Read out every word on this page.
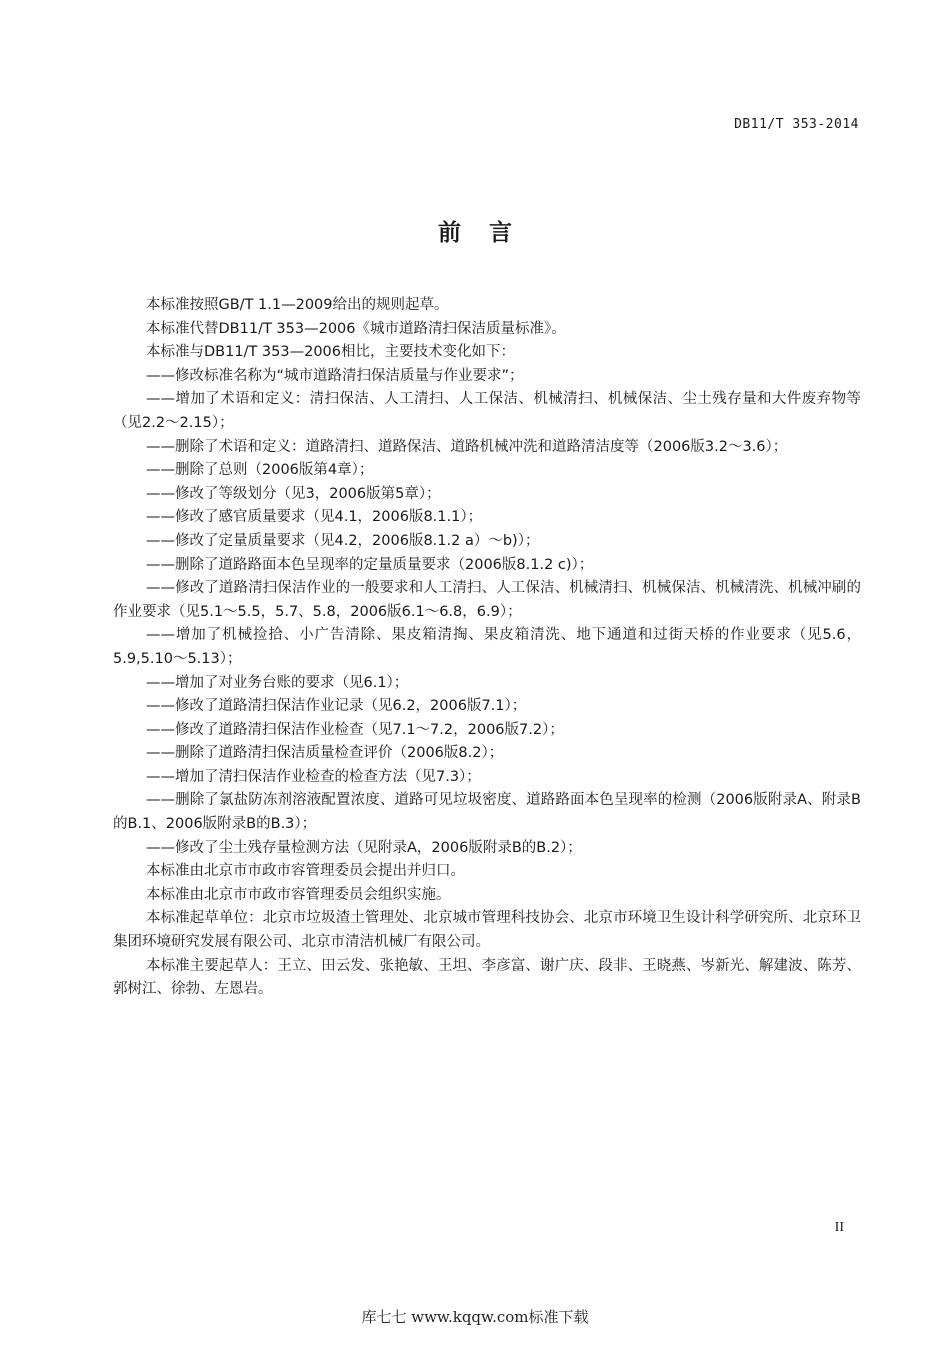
DB11/T 353-2014
前言

本标准按照GB/T 1.1—2009给出的规则起草。

本标准代替DB11/T 353—2006《城市道路清扫保洁质量标准》。

本标准与DB11/T 353—2006相比，主要技术变化如下：

——修改标准名称为“城市道路清扫保洁质量与作业要求”；

——增加了术语和定义：清扫保洁、人工清扫、人工保洁、机械清扫、机械保洁、尘土残存量和大件废弃物等（见2.2～2.15）；

——删除了术语和定义：道路清扫、道路保洁、道路机械冲洗和道路清洁度等（2006版3.2～3.6）；

——删除了总则（2006版第4章）；

——修改了等级划分（见3，2006版第5章）；

——修改了感官质量要求（见4.1，2006版8.1.1）；

——修改了定量质量要求（见4.2，2006版8.1.2 a）～b)）；

——删除了道路路面本色呈现率的定量质量要求（2006版8.1.2 c)）；

——修改了道路清扫保洁作业的一般要求和人工清扫、人工保洁、机械清扫、机械保洁、机械清洗、机械冲刷的作业要求（见5.1～5.5，5.7、5.8，2006版6.1～6.8，6.9）；

——增加了机械捡拾、小广告清除、果皮箱清掏、果皮箱清洗、地下通道和过街天桥的作业要求（见5.6，5.9,5.10～5.13）；

——增加了对业务台账的要求（见6.1）；

——修改了道路清扫保洁作业记录（见6.2，2006版7.1）；

——修改了道路清扫保洁作业检查（见7.1～7.2，2006版7.2）；

——删除了道路清扫保洁质量检查评价（2006版8.2）；

——增加了清扫保洁作业检查的检查方法（见7.3）；

——删除了氯盐防冻剂溶液配置浓度、道路可见垃圾密度、道路路面本色呈现率的检测（2006版附录A、附录B的B.1、2006版附录B的B.3）；

——修改了尘土残存量检测方法（见附录A，2006版附录B的B.2）；

本标准由北京市市政市容管理委员会提出并归口。

本标准由北京市市政市容管理委员会组织实施。

本标准起草单位：北京市垃圾渣土管理处、北京城市管理科技协会、北京市环境卫生设计科学研究所、北京环卫集团环境研究发展有限公司、北京市清洁机械厂有限公司。

本标准主要起草人：王立、田云发、张艳敏、王坦、李彦富、谢广庆、段非、王晓燕、岑新光、解建波、陈芳、郭树江、徐勃、左恩岩。

II
库七七 www.kqqw.com标准下载
